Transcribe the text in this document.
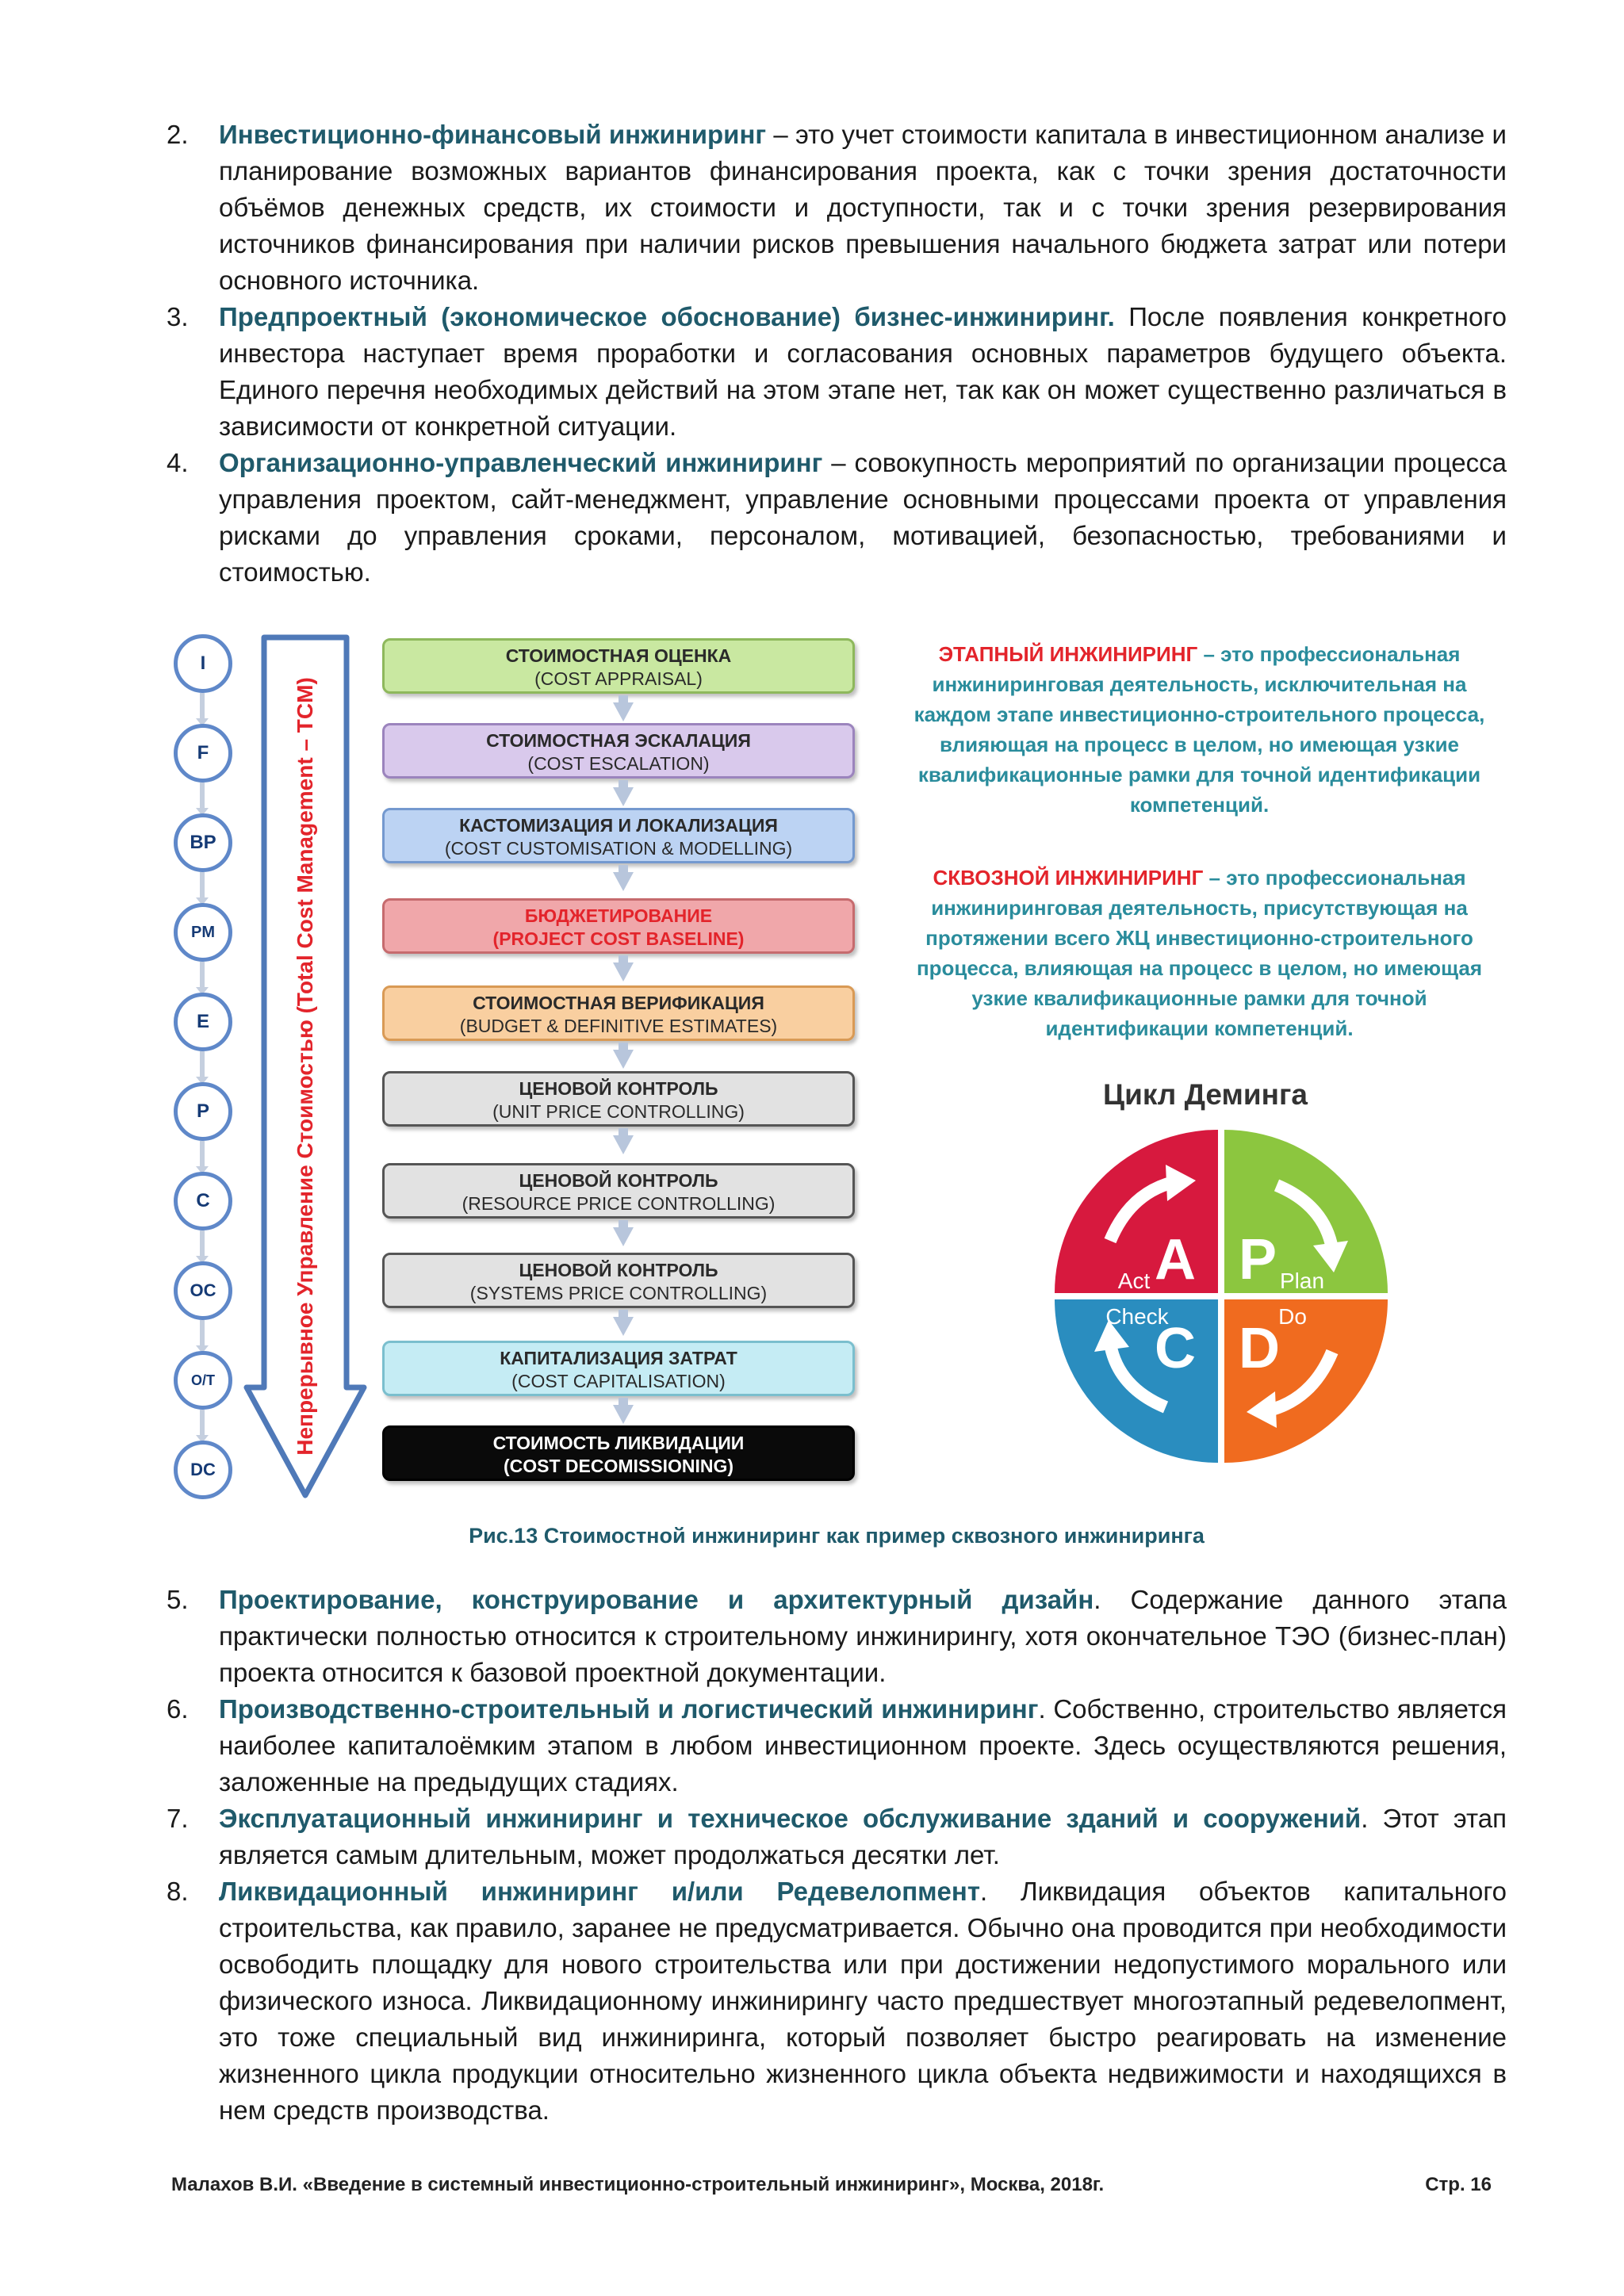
2. Инвестиционно-финансовый инжиниринг – это учет стоимости капитала в инвестиционном анализе и планирование возможных вариантов финансирования проекта, как с точки зрения достаточности объёмов денежных средств, их стоимости и доступности, так и с точки зрения резервирования источников финансирования при наличии рисков превышения начального бюджета затрат или потери основного источника.
3. Предпроектный (экономическое обоснование) бизнес-инжиниринг. После появления конкретного инвестора наступает время проработки и согласования основных параметров будущего объекта. Единого перечня необходимых действий на этом этапе нет, так как он может существенно различаться в зависимости от конкретной ситуации.
4. Организационно-управленческий инжиниринг – совокупность мероприятий по организации процесса управления проектом, сайт-менеджмент, управление основными процессами проекта от управления рисками до управления сроками, персоналом, мотивацией, безопасностью, требованиями и стоимостью.
I
F
BP
PM
E
P
C
OC
O/T
DC
Непрерывное Управление Стоимостью (Total Cost Management – TCM)
СТОИМОСТНАЯ ОЦЕНКА
(COST APPRAISAL)
СТОИМОСТНАЯ ЭСКАЛАЦИЯ
(COST ESCALATION)
КАСТОМИЗАЦИЯ И ЛОКАЛИЗАЦИЯ
(COST CUSTOMISATION & MODELLING)
БЮДЖЕТИРОВАНИЕ
(PROJECT COST BASELINE)
СТОИМОСТНАЯ ВЕРИФИКАЦИЯ
(BUDGET & DEFINITIVE ESTIMATES)
ЦЕНОВОЙ КОНТРОЛЬ
(UNIT PRICE CONTROLLING)
ЦЕНОВОЙ КОНТРОЛЬ
(RESOURCE PRICE CONTROLLING)
ЦЕНОВОЙ КОНТРОЛЬ
(SYSTEMS PRICE CONTROLLING)
КАПИТАЛИЗАЦИЯ ЗАТРАТ
(COST CAPITALISATION)
СТОИМОСТЬ ЛИКВИДАЦИИ
(COST DECOMISSIONING)
ЭТАПНЫЙ ИНЖИНИРИНГ – это профессиональная инжиниринговая деятельность, исключительная на каждом этапе инвестиционно-строительного процесса, влияющая на процесс в целом, но имеющая узкие квалификационные рамки для точной идентификации компетенций.
СКВОЗНОЙ ИНЖИНИРИНГ – это профессиональная инжиниринговая деятельность, присутствующая на протяжении всего ЖЦ инвестиционно-строительного процесса, влияющая на процесс в целом, но имеющая узкие квалификационные рамки для точной идентификации компетенций.
Цикл Деминга
A
Act P Plan
Check
C
Do
D
Рис.13 Стоимостной инжиниринг как пример сквозного инжиниринга
5. Проектирование, конструирование и архитектурный дизайн. Содержание данного этапа практически полностью относится к строительному инжинирингу, хотя окончательное ТЭО (бизнес-план) проекта относится к базовой проектной документации.
6. Производственно-строительный и логистический инжиниринг. Собственно, строительство является наиболее капиталоёмким этапом в любом инвестиционном проекте. Здесь осуществляются решения, заложенные на предыдущих стадиях.
7. Эксплуатационный инжиниринг и техническое обслуживание зданий и сооружений. Этот этап является самым длительным, может продолжаться десятки лет.
8. Ликвидационный инжиниринг и/или Редевелопмент. Ликвидация объектов капитального строительства, как правило, заранее не предусматривается. Обычно она проводится при необходимости освободить площадку для нового строительства или при достижении недопустимого морального или физического износа. Ликвидационному инжинирингу часто предшествует многоэтапный редевелопмент, это тоже специальный вид инжиниринга, который позволяет быстро реагировать на изменение жизненного цикла продукции относительно жизненного цикла объекта недвижимости и находящихся в нем средств производства.
Малахов В.И. «Введение в системный инвестиционно-строительный инжиниринг», Москва, 2018г.	Стр. 16
